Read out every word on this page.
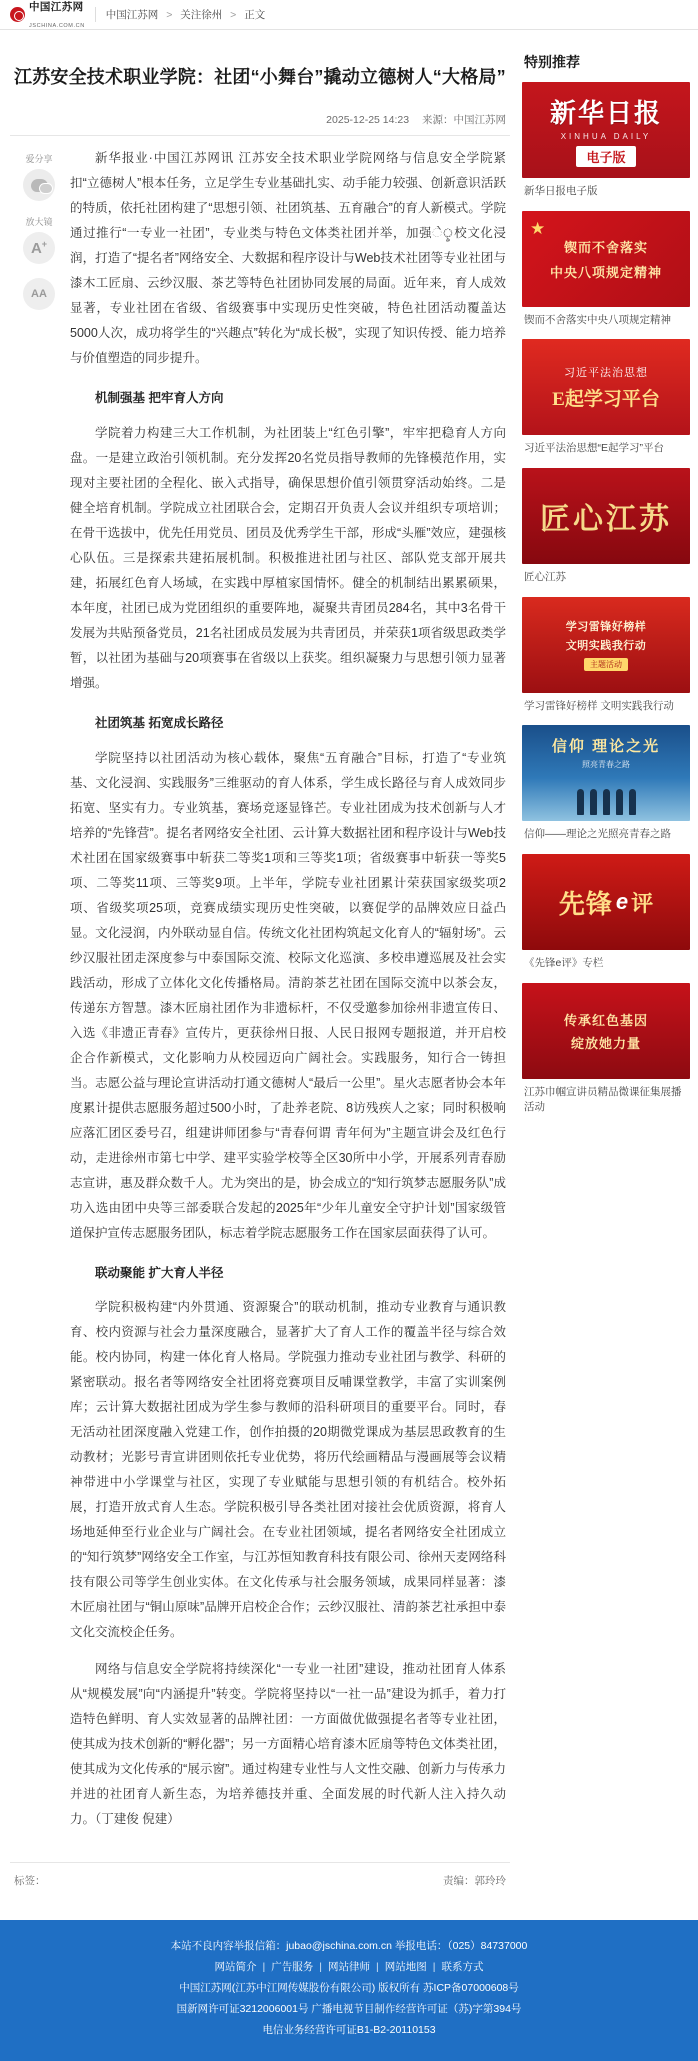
中国江苏网
JSCHINA.COM.CN
中国江苏网 > 关注徐州 > 正文
江苏安全技术职业学院：社团“小舞台”撬动立德树人“大格局”
2025-12-25 14:23 来源：中国江苏网
爱分享
放大镜
A+
AA

新华报业·中国江苏网讯 江苏安全技术职业学院网络与信息安全学院紧扣“立德树人”根本任务，立足学生专业基础扎实、动手能力较强、创新意识活跃的特质，依托社团构建了“思想引领、社团筑基、五育融合”的育人新模式。学院通过推行“一专业一社团”，专业类与特色文体类社团并举，加强ેৢ校文化浸润，打造了“提名者”网络安全、大数据和程序设计与Web技术社团等专业社团与漆木工匠扇、云纱汉服、茶艺等特色社团协同发展的局面。近年来，育人成效显著，专业社团在省级、省级赛事中实现历史性突破，特色社团活动覆盖达5000人次，成功将学生的“兴趣点”转化为“成长极”，实现了知识传授、能力培养与价值塑造的同步提升。

机制强基 把牢育人方向

学院着力构建三大工作机制，为社团装上“红色引擎”，牢牢把稳育人方向盘。一是建立政治引领机制。充分发挥20名党员指导教师的先锋模范作用，实现对主要社团的全程化、嵌入式指导，确保思想价值引领贯穿活动始终。二是健全培育机制。学院成立社团联合会，定期召开负责人会议并组织专项培训；在骨干选拔中，优先任用党员、团员及优秀学生干部，形成“头雁”效应，建强核心队伍。三是探索共建拓展机制。积极推进社团与社区、部队党支部开展共建，拓展红色育人场域，在实践中厚植家国情怀。健全的机制结出累累硕果，本年度，社团已成为党团组织的重要阵地，凝聚共青团员284名，其中3名骨干发展为共贴预备党员，21名社团成员发展为共青团员，并荣获1项省级思政类学暂，以社团为基础与20项赛事在省级以上获奖。组织凝聚力与思想引领力显著增强。

社团筑基 拓宽成长路径

学院坚持以社团活动为核心载体，聚焦“五育融合”目标，打造了“专业筑基、文化浸润、实践服务”三维驱动的育人体系，学生成长路径与育人成效同步拓宽、坚实有力。专业筑基，赛场竞逐显锋芒。专业社团成为技术创新与人才培养的“先锋营”。提名者网络安全社团、云计算大数据社团和程序设计与Web技术社团在国家级赛事中斩获二等奖1项和三等奖1项；省级赛事中斩获一等奖5项、二等奖11项、三等奖9项。上半年，学院专业社团累计荣获国家级奖项2项、省级奖项25项，竞赛成绩实现历史性突破，以赛促学的品牌效应日益凸显。文化浸润，内外联动显自信。传统文化社团构筑起文化育人的“辐射场”。云纱汉服社团走深度参与中泰国际交流、校际文化巡演、多校串遵巡展及社会实践活动，形成了立体化文化传播格局。清韵茶艺社团在国际交流中以茶会友，传递东方智慧。漆木匠扇社团作为非遗标杆，不仅受邀参加徐州非遗宣传日、入选《非遗正青春》宣传片，更获徐州日报、人民日报网专题报道，并开启校企合作新模式，文化影响力从校园迈向广阔社会。实践服务，知行合一铸担当。志愿公益与理论宣讲活动打通文德树人“最后一公里”。星火志愿者协会本年度累计提供志愿服务超过500小时，了赴养老院、8访残疾人之家；同时积极响应落汇团区委号召，组建讲师团参与“青春何谓 青年何为”主题宣讲会及红色行动，走进徐州市第七中学、建平实验学校等全区30所中小学，开展系列青春励志宣讲，惠及群众数千人。尤为突出的是，协会成立的“知行筑梦志愿服务队”成功入选由团中央等三部委联合发起的2025年“少年儿童安全守护计划”国家级管道保护宣传志愿服务团队，标志着学院志愿服务工作在国家层面获得了认可。

联动聚能 扩大育人半径

学院积极构建“内外贯通、资源聚合”的联动机制，推动专业教育与通识教育、校内资源与社会力量深度融合，显著扩大了育人工作的覆盖半径与综合效能。校内协同，构建一体化育人格局。学院强力推动专业社团与教学、科研的紧密联动。报名者等网络安全社团将竞赛项目反哺课堂教学，丰富了实训案例库；云计算大数据社团成为学生参与教师的沿科研项目的重要平台。同时，春无活动社团深度融入党建工作，创作拍摄的20期微党课成为基层思政教育的生动教材；光影号青宣讲团则依托专业优势，将历代绘画精品与漫画展等会议精神带进中小学课堂与社区，实现了专业赋能与思想引领的有机结合。校外拓展，打造开放式育人生态。学院积极引导各类社团对接社会优质资源，将育人场地延伸至行业企业与广阔社会。在专业社团领域，提名者网络安全社团成立的“知行筑梦”网络安全工作室，与江苏恒知教育科技有限公司、徐州天麦网络科技有限公司等学生创业实体。在文化传承与社会服务领域，成果同样显著：漆木匠扇社团与“铜山原味”品牌开启校企合作；云纱汉服社、清韵茶艺社承担中泰文化交流校企任务。

网络与信息安全学院将持续深化“一专业一社团”建设，推动社团育人体系从“规模发展”向“内涵提升”转变。学院将坚持以“一社一品”建设为抓手，着力打造特色鲜明、育人实效显著的品牌社团：一方面做优做强提名者等专业社团，使其成为技术创新的“孵化器”；另一方面精心培育漆木匠扇等特色文体类社团，使其成为文化传承的“展示窗”。通过构建专业性与人文性交融、创新力与传承力并进的社团育人新生态，为培养德技并重、全面发展的时代新人注入持久动力。（丁建俊 倪建）

标签：	责编：郭玲玲
特别推荐
新华日报
XINHUA DAILY
电子版
新华日报电子版
★
锲而不舍落实
中央八项规定精神
锲而不舍落实中央八项规定精神
习近平法治思想
E起学习平台
习近平法治思想“E起学习”平台
匠心江苏
匠心江苏
学习雷锋好榜样
文明实践我行动
主题活动
学习雷锋好榜样 文明实践我行动
信仰 理论之光
照亮青春之路
信仰——理论之光照亮青春之路
先锋 e 评
《先锋e评》专栏
传承红色基因
绽放她力量
江苏巾帼宣讲员精品微课征集展播活动
本站不良内容举报信箱：jubao@jschina.com.cn 举报电话：（025）84737000
网站简介 | 广告服务 | 网站律师 | 网站地图 | 联系方式
中国江苏网(江苏中江网传媒股份有限公司) 版权所有 苏ICP备07000608号
国新网许可证3212006001号 广播电视节目制作经营许可证（苏)字第394号
电信业务经营许可证B1-B2-20110153
